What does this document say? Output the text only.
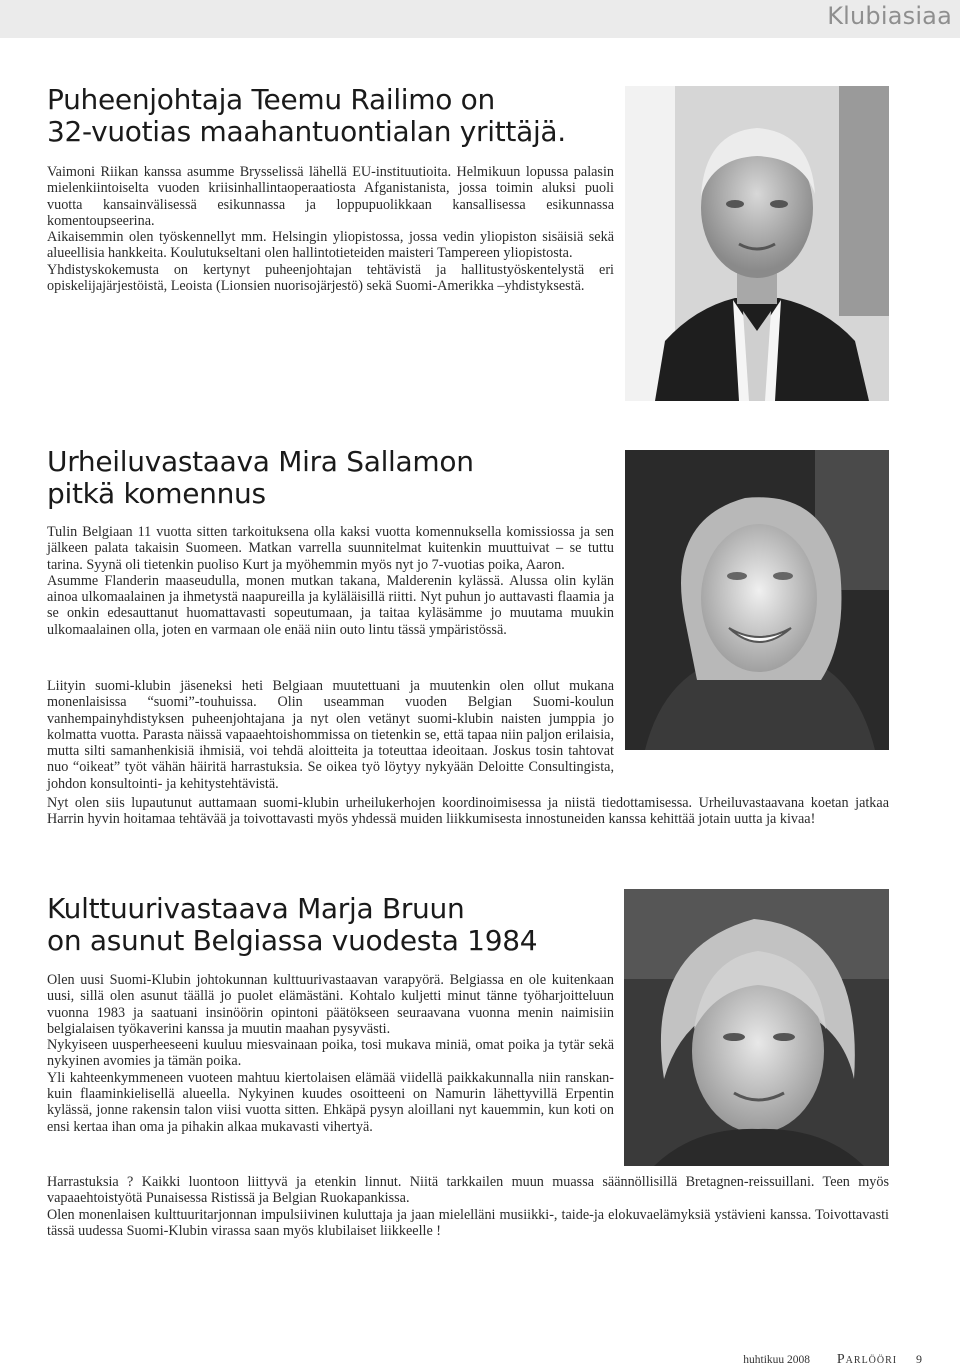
Klubiasiaa
Puheenjohtaja Teemu Railimo on
32-vuotias maahantuontialan yrittäjä.

Vaimoni Riikan kanssa asumme Brysselissä lähellä EU-instituutioita. Helmikuun lopussa palasin mielenkiintoiselta vuoden kriisinhallintaoperaatiosta Afganistanista, jossa toimin aluksi puoli vuotta kansainvälisessä esikunnassa ja loppupuolikkaan kansallisessa esikunnassa komentoupseerina.

Aikaisemmin olen työskennellyt mm. Helsingin yliopistossa, jossa vedin yliopiston sisäisiä sekä alueellisia hankkeita. Koulutukseltani olen hallintotieteiden maisteri Tampereen yliopistosta.

Yhdistyskokemusta on kertynyt puheenjohtajan tehtävistä ja hallitustyöskentelystä eri opiskelijajärjestöistä, Leoista (Lionsien nuorisojärjestö) sekä Suomi-Amerikka –yhdistyksestä.

Urheiluvastaava Mira Sallamon
pitkä komennus

Tulin Belgiaan 11 vuotta sitten tarkoituksena olla kaksi vuotta komennuksella komissiossa ja sen jälkeen palata takaisin Suomeen. Matkan varrella suunnitelmat kuitenkin muuttuivat – se tuttu tarina. Syynä oli tietenkin puoliso Kurt ja myöhemmin myös nyt jo 7-vuotias poika, Aaron.

Asumme Flanderin maaseudulla, monen mutkan takana, Malderenin kylässä. Alussa olin kylän ainoa ulkomaalainen ja ihmetystä naapureilla ja kyläläisillä riitti. Nyt puhun jo auttavasti flaamia ja se onkin edesauttanut huomattavasti sopeutumaan, ja taitaa kyläsämme jo muutama muukin ulkomaalainen olla, joten en varmaan ole enää niin outo lintu tässä ympäristössä.

Liityin suomi-klubin jäseneksi heti Belgiaan muutettuani ja muutenkin olen ollut mukana monenlaisissa “suomi”-touhuissa. Olin useamman vuoden Belgian Suomi-koulun vanhempainyhdistyksen puheenjohtajana ja nyt olen vetänyt suomi-klubin naisten jumppia jo kolmatta vuotta. Parasta näissä vapaaehtoishommissa on tietenkin se, että tapaa niin paljon erilaisia, mutta silti samanhenkisiä ihmisiä, voi tehdä aloitteita ja toteuttaa ideoitaan. Joskus tosin tahtovat nuo “oikeat” työt vähän häiritä harrastuksia. Se oikea työ löytyy nykyään Deloitte Consultingista, johdon konsultointi- ja kehitystehtävistä.

Nyt olen siis lupautunut auttamaan suomi-klubin urheilukerhojen koordinoimisessa ja niistä tiedottamisessa. Urheiluvastaavana koetan jatkaa Harrin hyvin hoitamaa tehtävää ja toivottavasti myös yhdessä muiden liikkumisesta innostuneiden kanssa kehittää jotain uutta ja kivaa!

Kulttuurivastaava Marja Bruun
on asunut Belgiassa vuodesta 1984

Olen uusi Suomi-Klubin johtokunnan kulttuurivastaavan varapyörä. Belgiassa en ole kuitenkaan uusi, sillä olen asunut täällä jo puolet elämästäni. Kohtalo kuljetti minut tänne työharjoitteluun vuonna 1983 ja saatuani insinöörin opintoni päätökseen seuraavana vuonna menin naimisiin belgialaisen työkaverini kanssa ja muutin maahan pysyvästi.

Nykyiseen uusperheeseeni kuuluu miesvainaan poika, tosi mukava miniä, omat poika ja tytär sekä nykyinen avomies ja tämän poika.

Yli kahteenkymmeneen vuoteen mahtuu kiertolaisen elämää viidellä paikkakunnalla niin ranskan- kuin flaaminkielisellä alueella. Nykyinen kuudes osoitteeni on Namurin lähettyvillä Erpentin kylässä, jonne rakensin talon viisi vuotta sitten. Ehkäpä pysyn aloillani nyt kauemmin, kun koti on ensi kertaa ihan oma ja pihakin alkaa mukavasti vihertyä.

Harrastuksia ? Kaikki luontoon liittyvä ja etenkin linnut. Niitä tarkkailen muun muassa säännöllisillä Bretagnen-reissuillani. Teen myös vapaaehtoistyötä Punaisessa Ristissä ja Belgian Ruokapankissa.

Olen monenlaisen kulttuuritarjonnan impulsiivinen kuluttaja ja jaan mielelläni musiikki-, taide-ja elokuvaelämyksiä ystävieni kanssa. Toivottavasti tässä uudessa Suomi-Klubin virassa saan myös klubilaiset liikkeelle !

huhtikuu 2008 Parlööri 9
